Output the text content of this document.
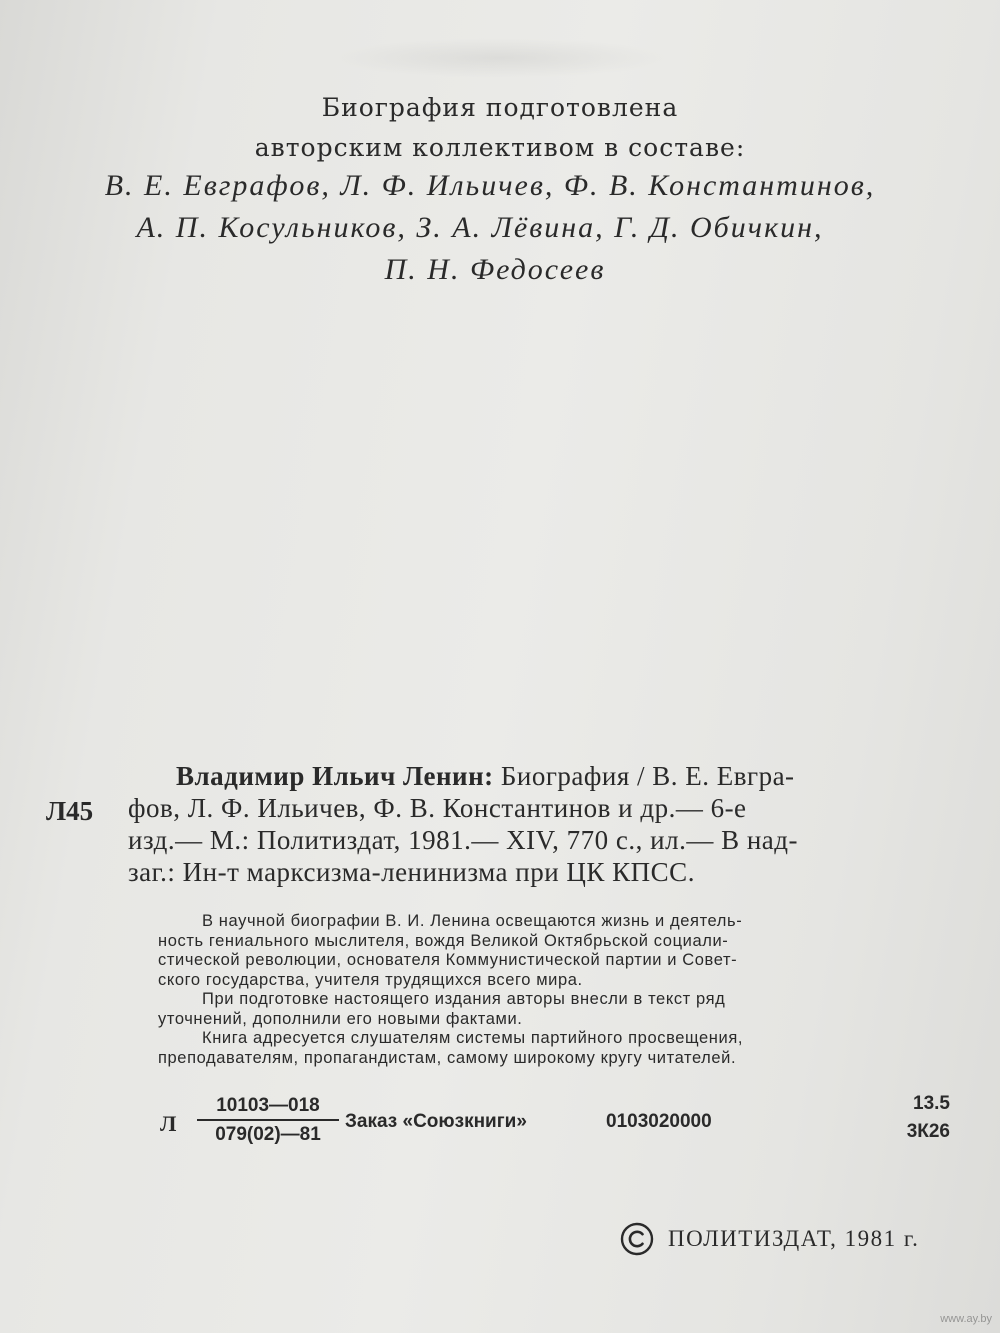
Биография подготовлена
авторским коллективом в составе:
В. Е. Евграфов, Л. Ф. Ильичев, Ф. В. Константинов,
А. П. Косульников, З. А. Лёвина, Г. Д. Обичкин,
П. Н. Федосеев
Л45
Владимир Ильич Ленин: Биография / В. Е. Евгра-
фов, Л. Ф. Ильичев, Ф. В. Константинов и др.— 6-е
изд.— М.: Политиздат, 1981.— XIV, 770 с., ил.— В над-
заг.: Ин-т марксизма-ленинизма при ЦК КПСС.
В научной биографии В. И. Ленина освещаются жизнь и деятель-
ность гениального мыслителя, вождя Великой Октябрьской социали-
стической революции, основателя Коммунистической партии и Совет-
ского государства, учителя трудящихся всего мира.
При подготовке настоящего издания авторы внесли в текст ряд
уточнений, дополнили его новыми фактами.
Книга адресуется слушателям системы партийного просвещения,
преподавателям, пропагандистам, самому широкому кругу читателей.
Л $\frac{10103—018}{079(02)—81}$ Заказ «Союзкниги»	0103020000
13.5
3К26
ПОЛИТИЗДАТ, 1981 г.
www.ay.by
